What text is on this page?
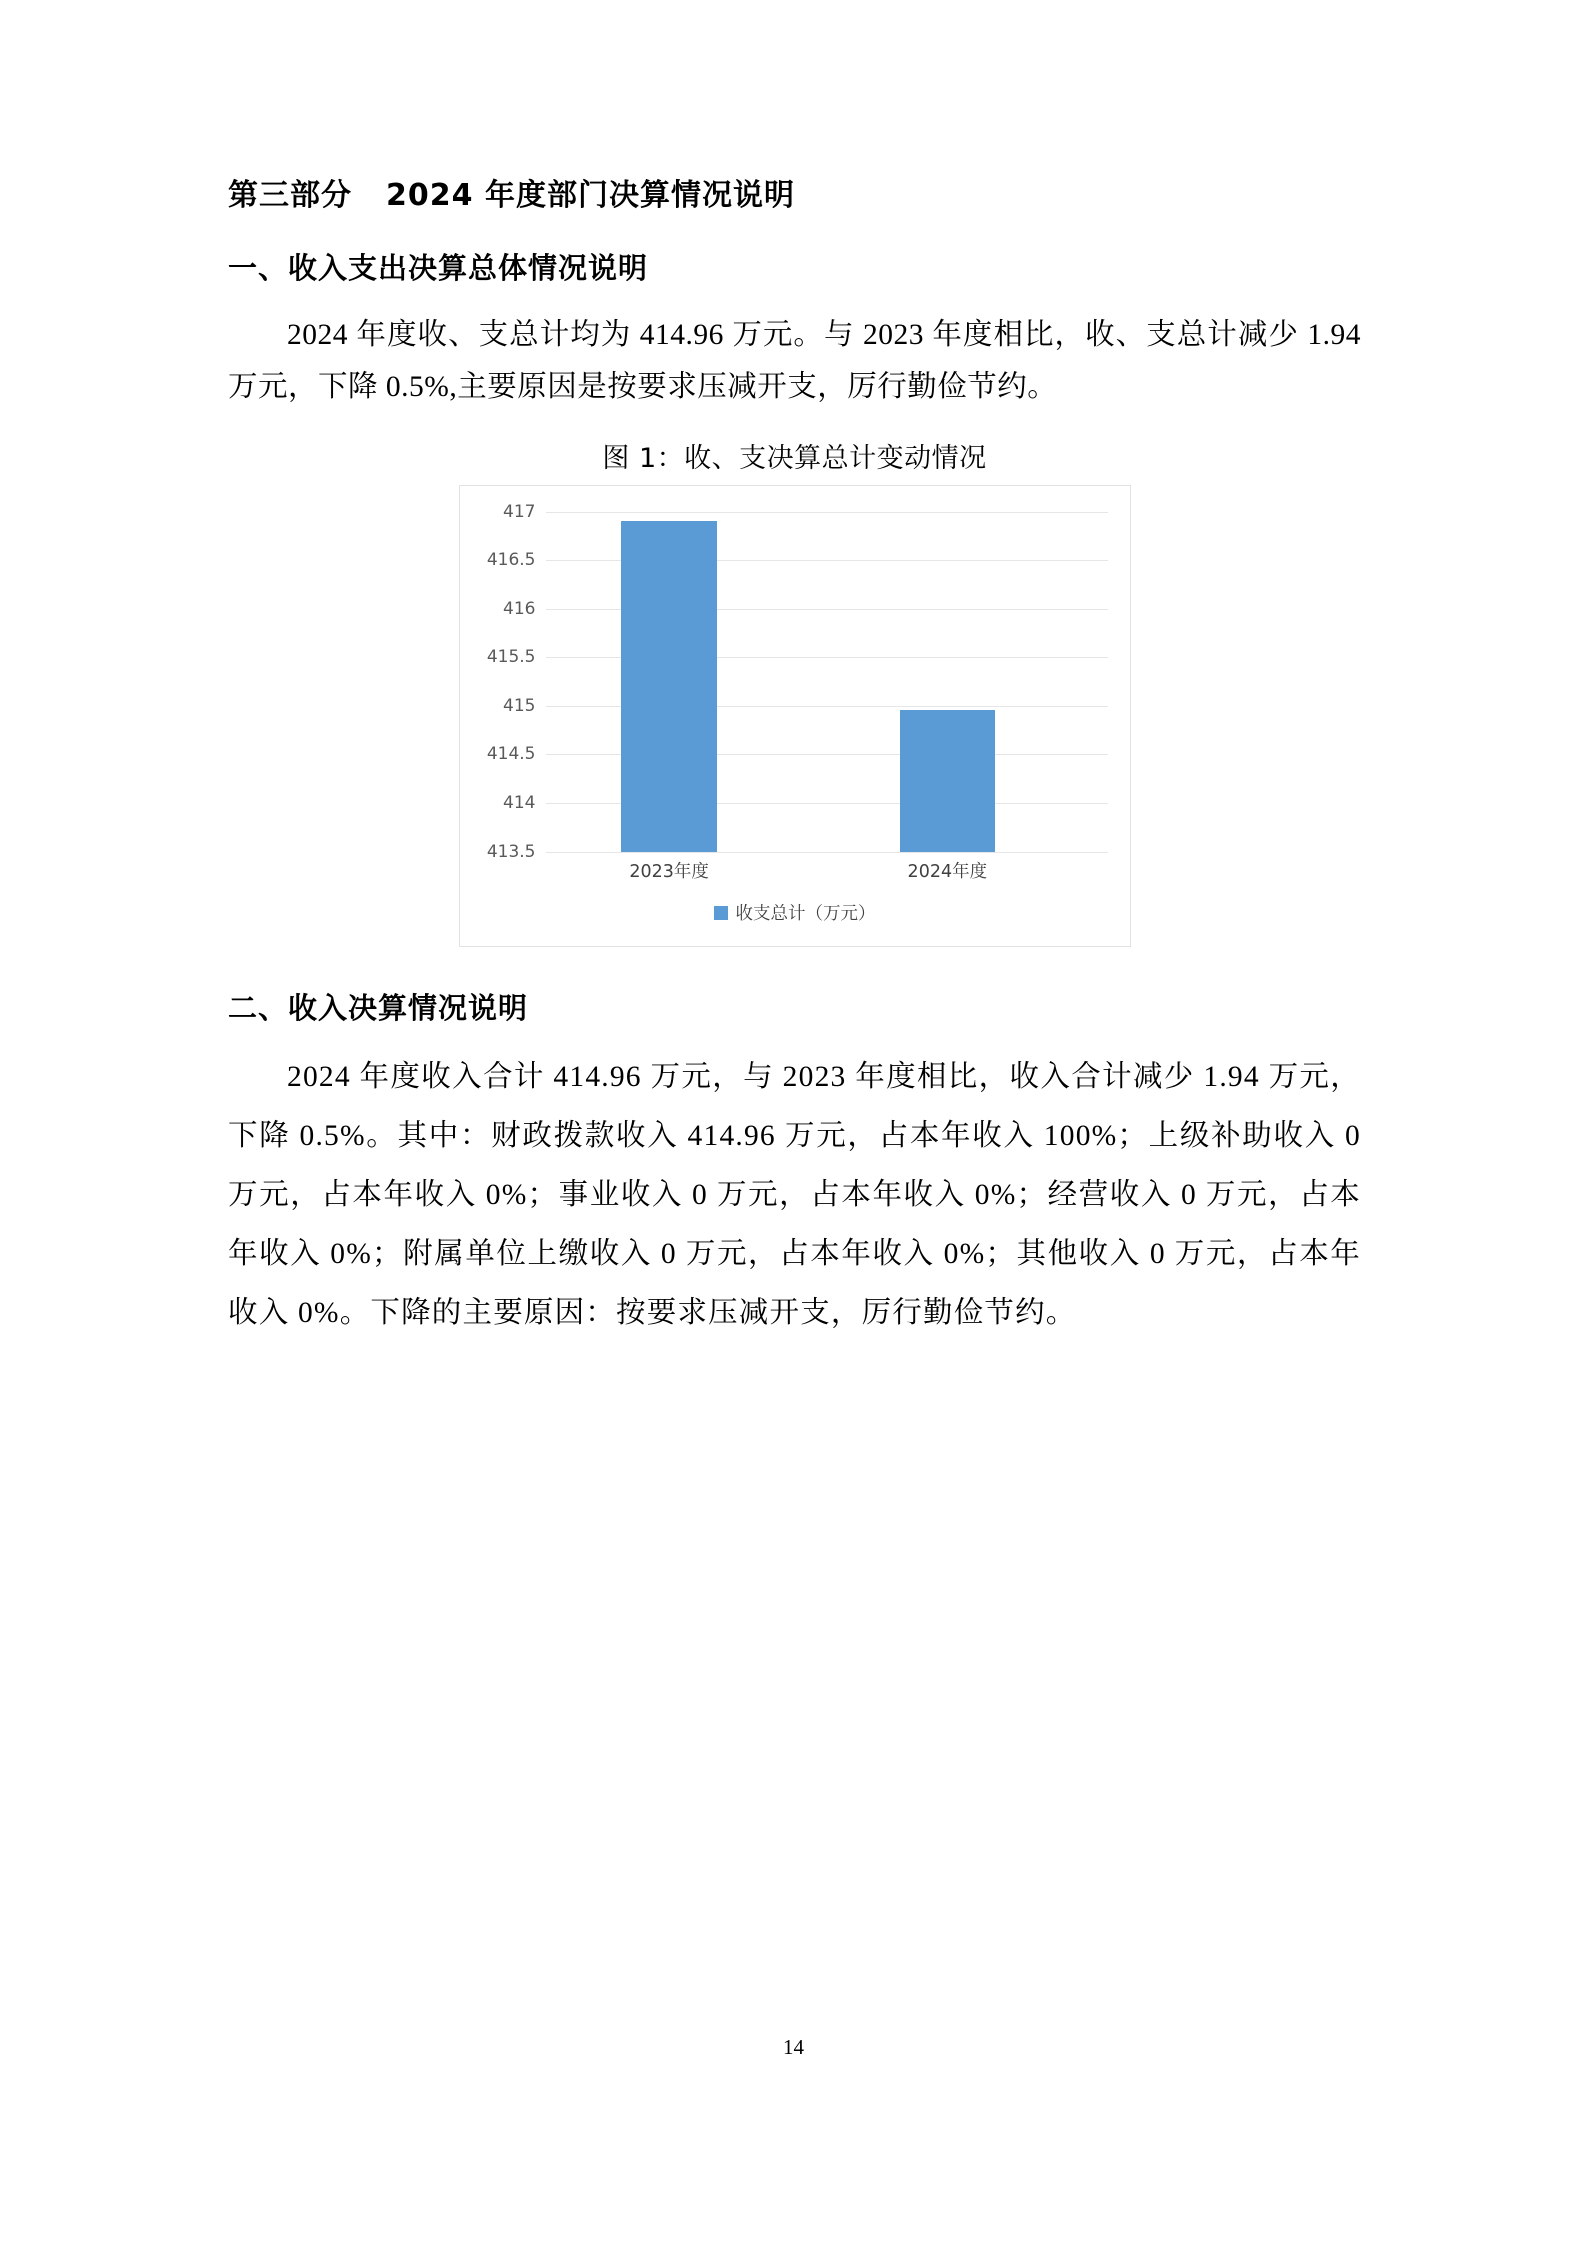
第三部分 2024 年度部门决算情况说明
一、收入支出决算总体情况说明

2024 年度收、支总计均为 414.96 万元。与 2023 年度相比，收、支总计减少 1.94 万元，下降 0.5%,主要原因是按要求压减开支，厉行勤俭节约。

图 1：收、支决算总计变动情况
417
416.5
416
415.5
415
414.5
414
413.5
2023年度	2024年度
收支总计（万元）
二、收入决算情况说明

2024 年度收入合计 414.96 万元，与 2023 年度相比，收入合计减少 1.94 万元，下降 0.5%。其中：财政拨款收入 414.96 万元，占本年收入 100%；上级补助收入 0 万元，占本年收入 0%；事业收入 0 万元，占本年收入 0%；经营收入 0 万元，占本年收入 0%；附属单位上缴收入 0 万元，占本年收入 0%；其他收入 0 万元，占本年收入 0%。下降的主要原因：按要求压减开支，厉行勤俭节约。

14
